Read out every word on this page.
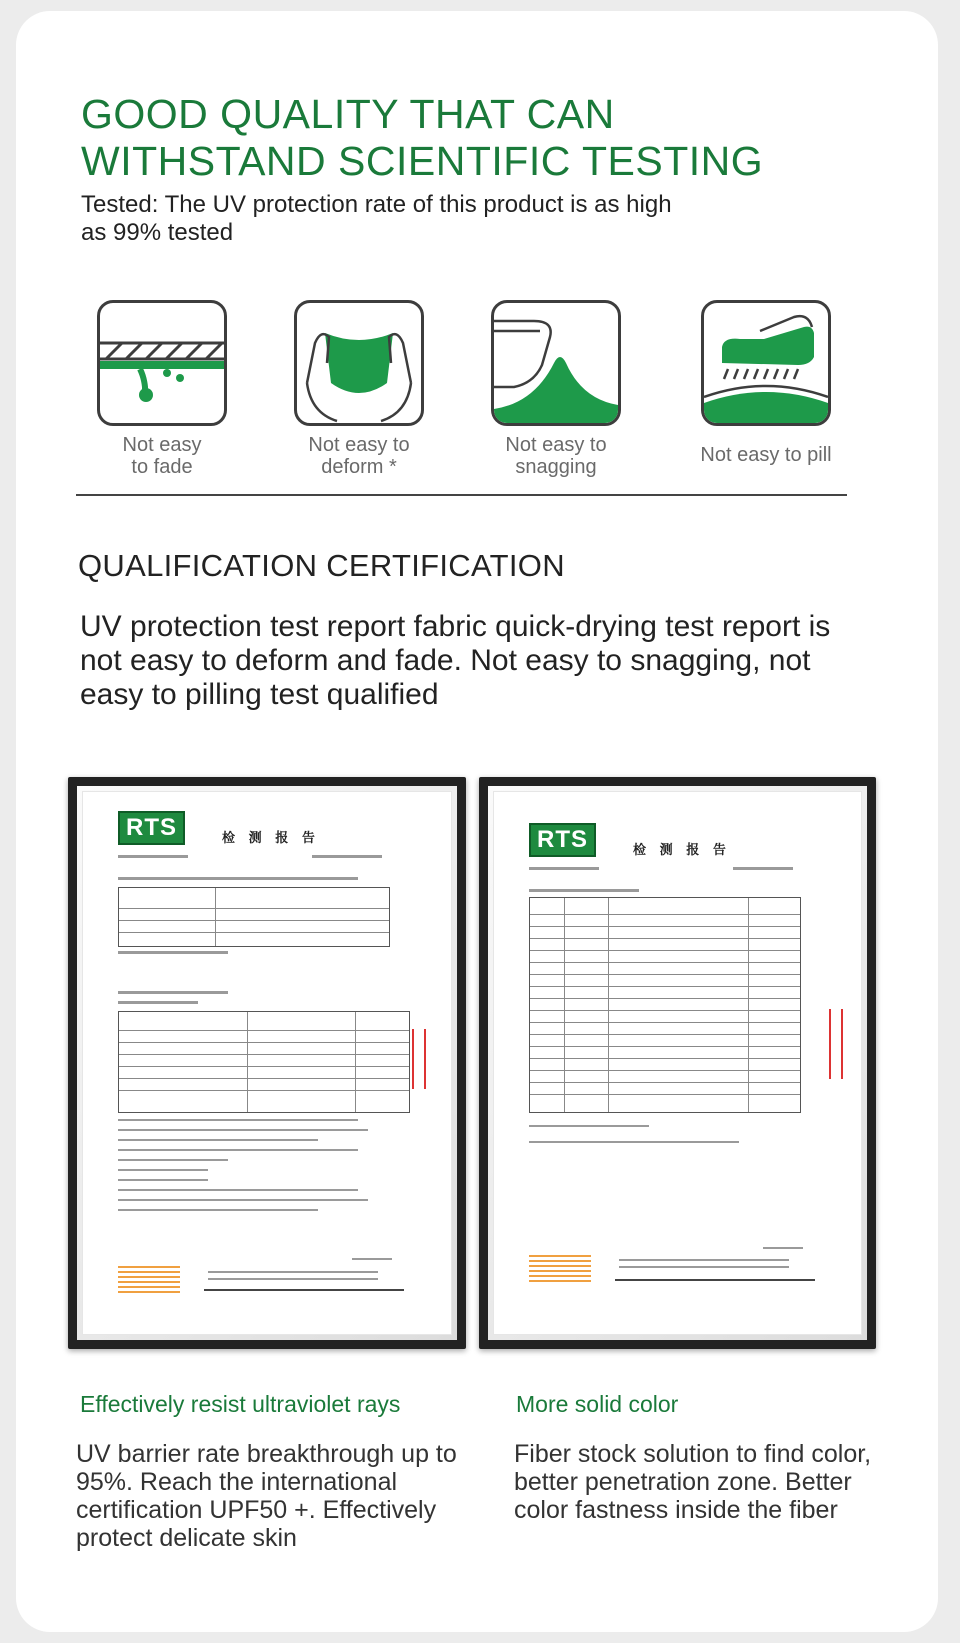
GOOD QUALITY THAT CAN WITHSTAND SCIENTIFIC TESTING
Tested: The UV protection rate of this product is as high as 99% tested
Not easy
to fade
Not easy to
deform *
Not easy to
snagging
Not easy to pill
QUALIFICATION CERTIFICATION
UV protection test report fabric quick-drying test report is not easy to deform and fade. Not easy to snagging, not easy to pilling test qualified
RTS	检 测 报 告	RTS	检 测 报 告
Effectively resist ultraviolet rays
UV barrier rate breakthrough up to 95%. Reach the international certification UPF50 +. Effectively protect delicate skin
More solid color
Fiber stock solution to find color, better penetration zone. Better color fastness inside the fiber
